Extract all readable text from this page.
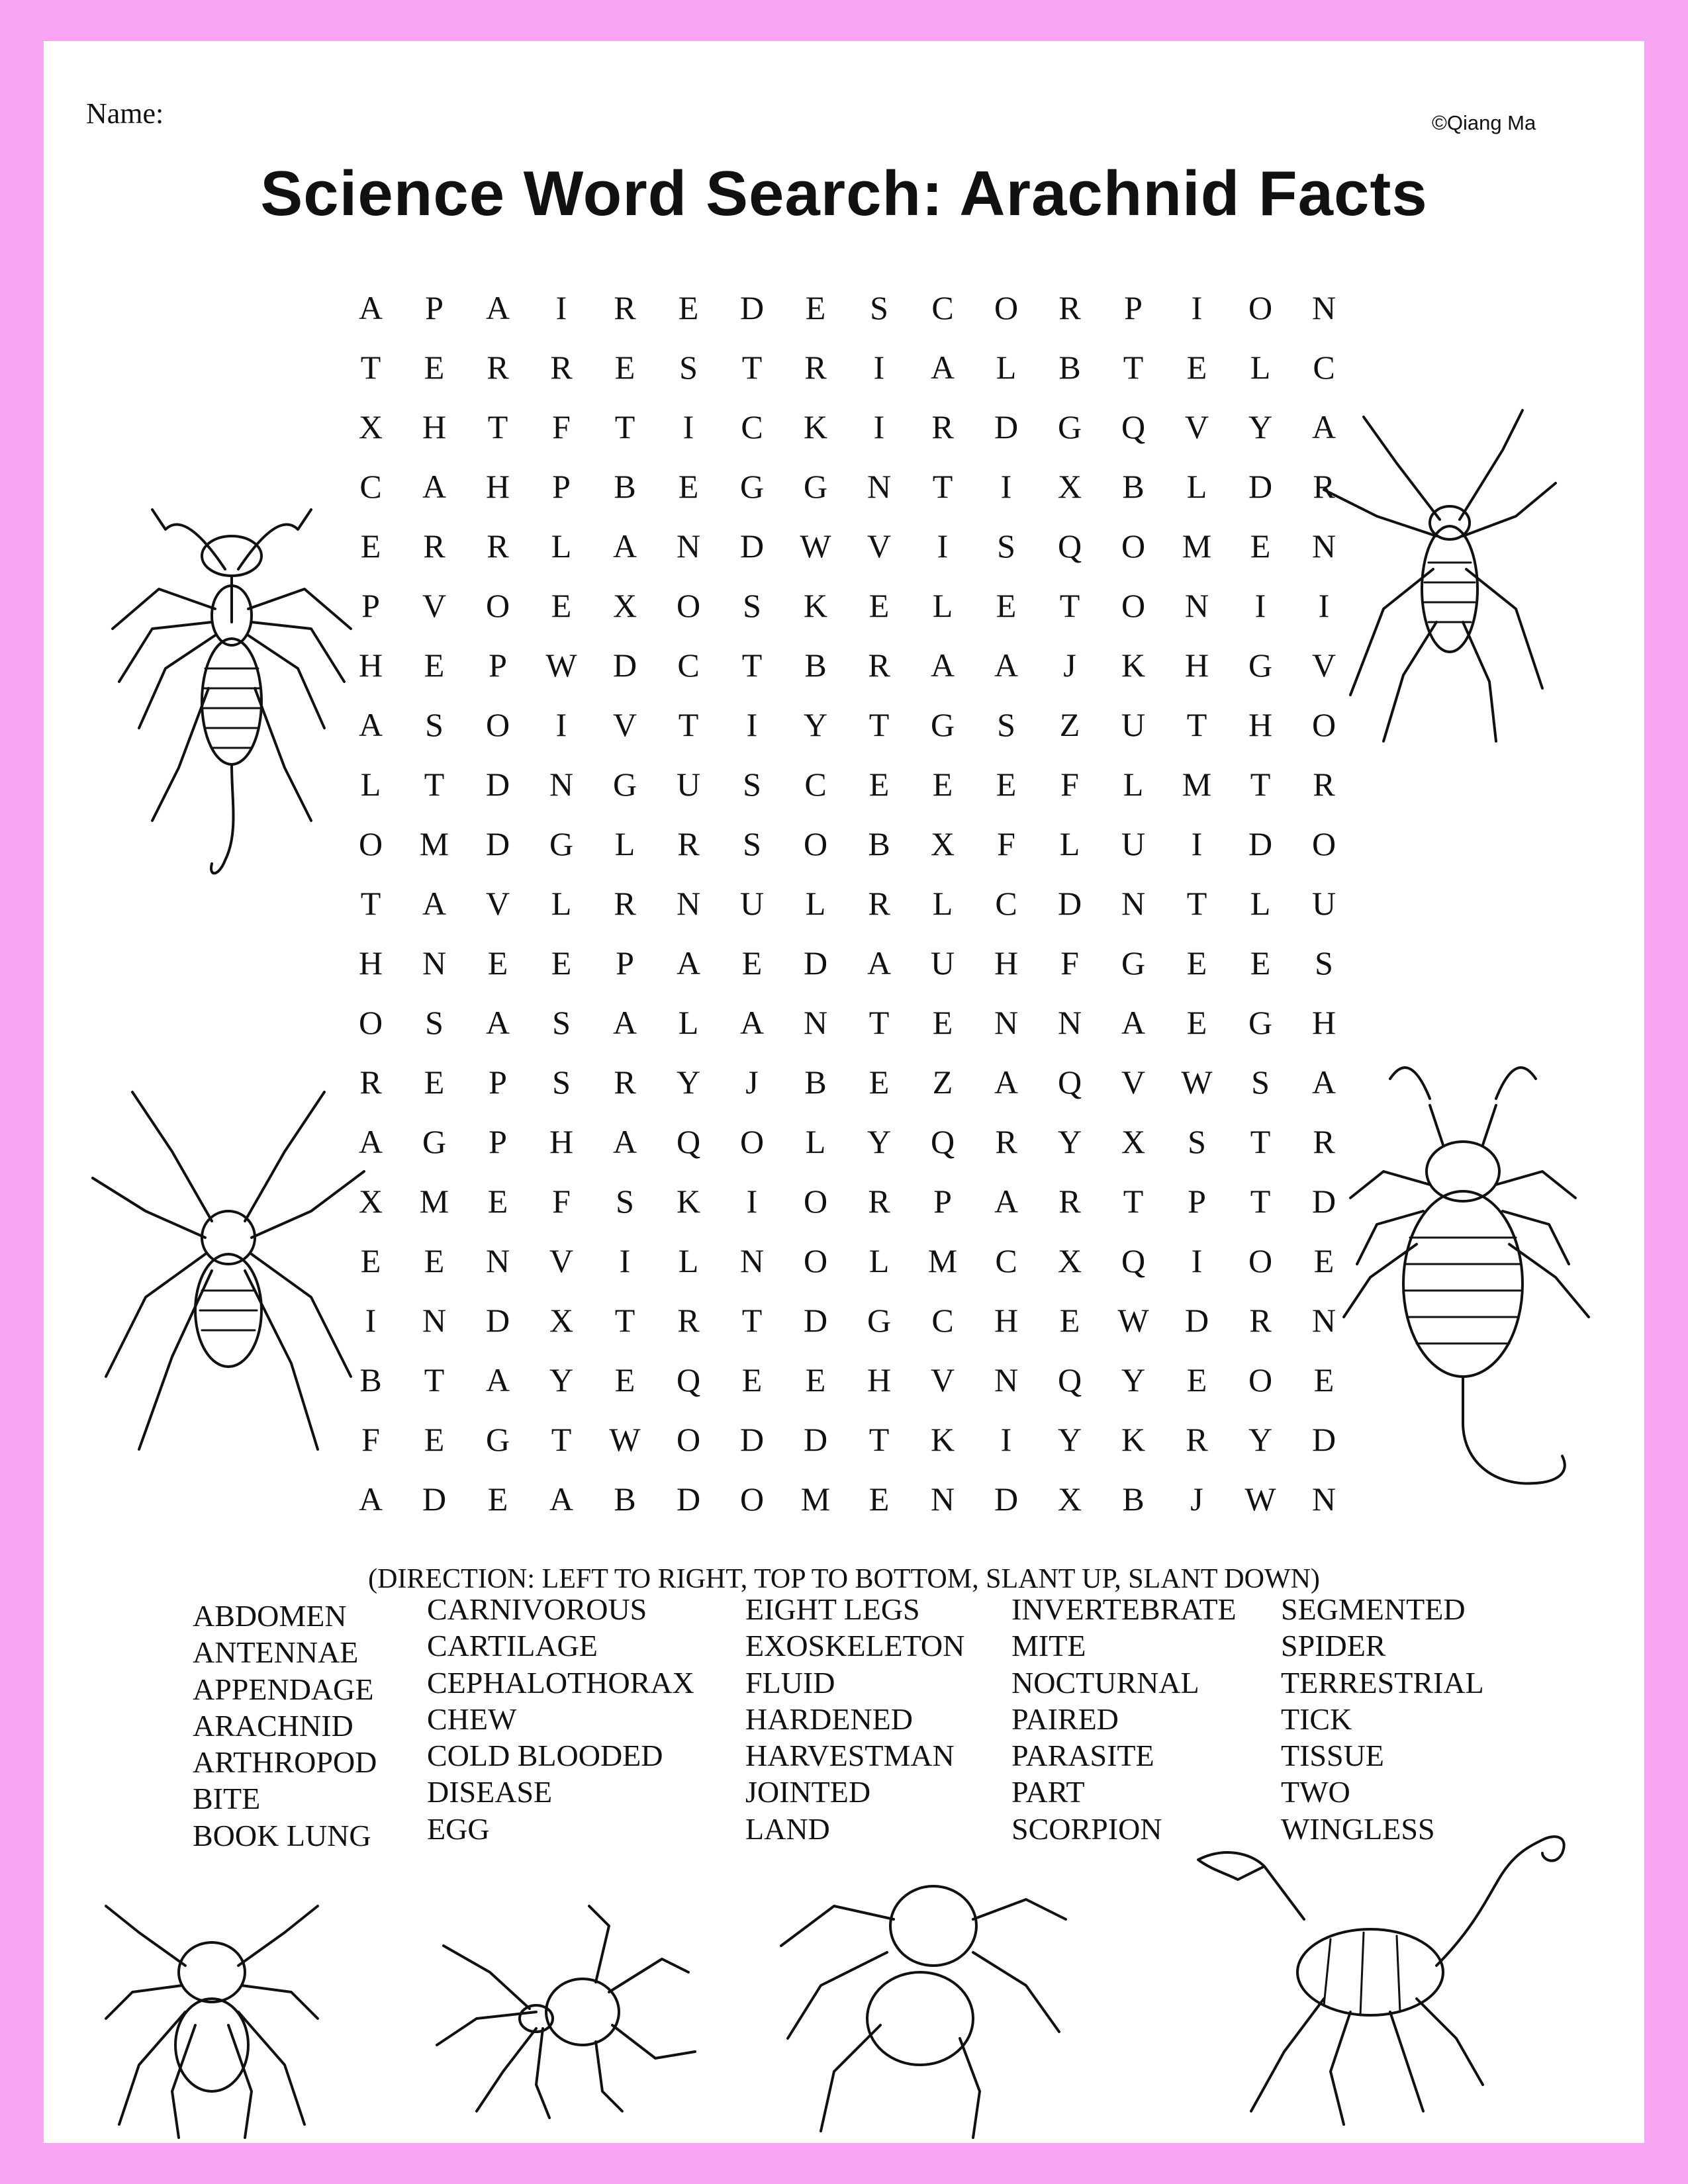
Name:	©Qiang Ma
Science Word Search: Arachnid Facts
A	P	A	I	R E D E	S	C O R	P	I	O N
T E R R E	S	T R	I	A L B T E L C
X H T	F	T	I	C K	I	R D G Q V Y A
C A H	P	B E G G N T	I	X B L D R
E R R L A N D W V	I	S	Q O M E N
P	V O E X O	S	K E L E T O N	I	I
H E	P	W D C T B R A A	J	K H G V
A	S	O	I	V T	I	Y T G	S	Z U T H O
L T D N G U	S	C E E E	F	L M T R
O M D G L R	S	O B X	F	L U	I	D O
T A V L R N U L R L C D N T L U
H N E E	P	A E D A U H	F	G E E	S
O	S	A	S	A L A N T E N N A E G H
R E	P	S	R Y	J	B E Z A Q V W	S	A
A G	P	H A Q O L Y Q R Y X	S	T R
X M E	F	S	K	I	O R	P	A R T	P	T D
E E N V	I	L N O L M C X Q	I	O E
I	N D X T R T D G C H E W D R N
B T A Y E Q E E H V N Q Y E O E
F	E G T W O D D T K	I	Y K R Y D
A D E A B D O M E N D X B	J	W N
(DIRECTION: LEFT TO RIGHT, TOP TO BOTTOM, SLANT UP, SLANT DOWN)
ABDOMEN
ANTENNAE
APPENDAGE
ARACHNID
ARTHROPOD
BITE
BOOK LUNG
CARNIVOROUS
CARTILAGE
CEPHALOTHORAX
CHEW
COLD BLOODED
DISEASE
EGG
EIGHT LEGS
EXOSKELETON
FLUID
HARDENED
HARVESTMAN
JOINTED
LAND
INVERTEBRATE
MITE
NOCTURNAL
PAIRED
PARASITE
PART
SCORPION
SEGMENTED
SPIDER
TERRESTRIAL
TICK
TISSUE
TWO
WINGLESS
